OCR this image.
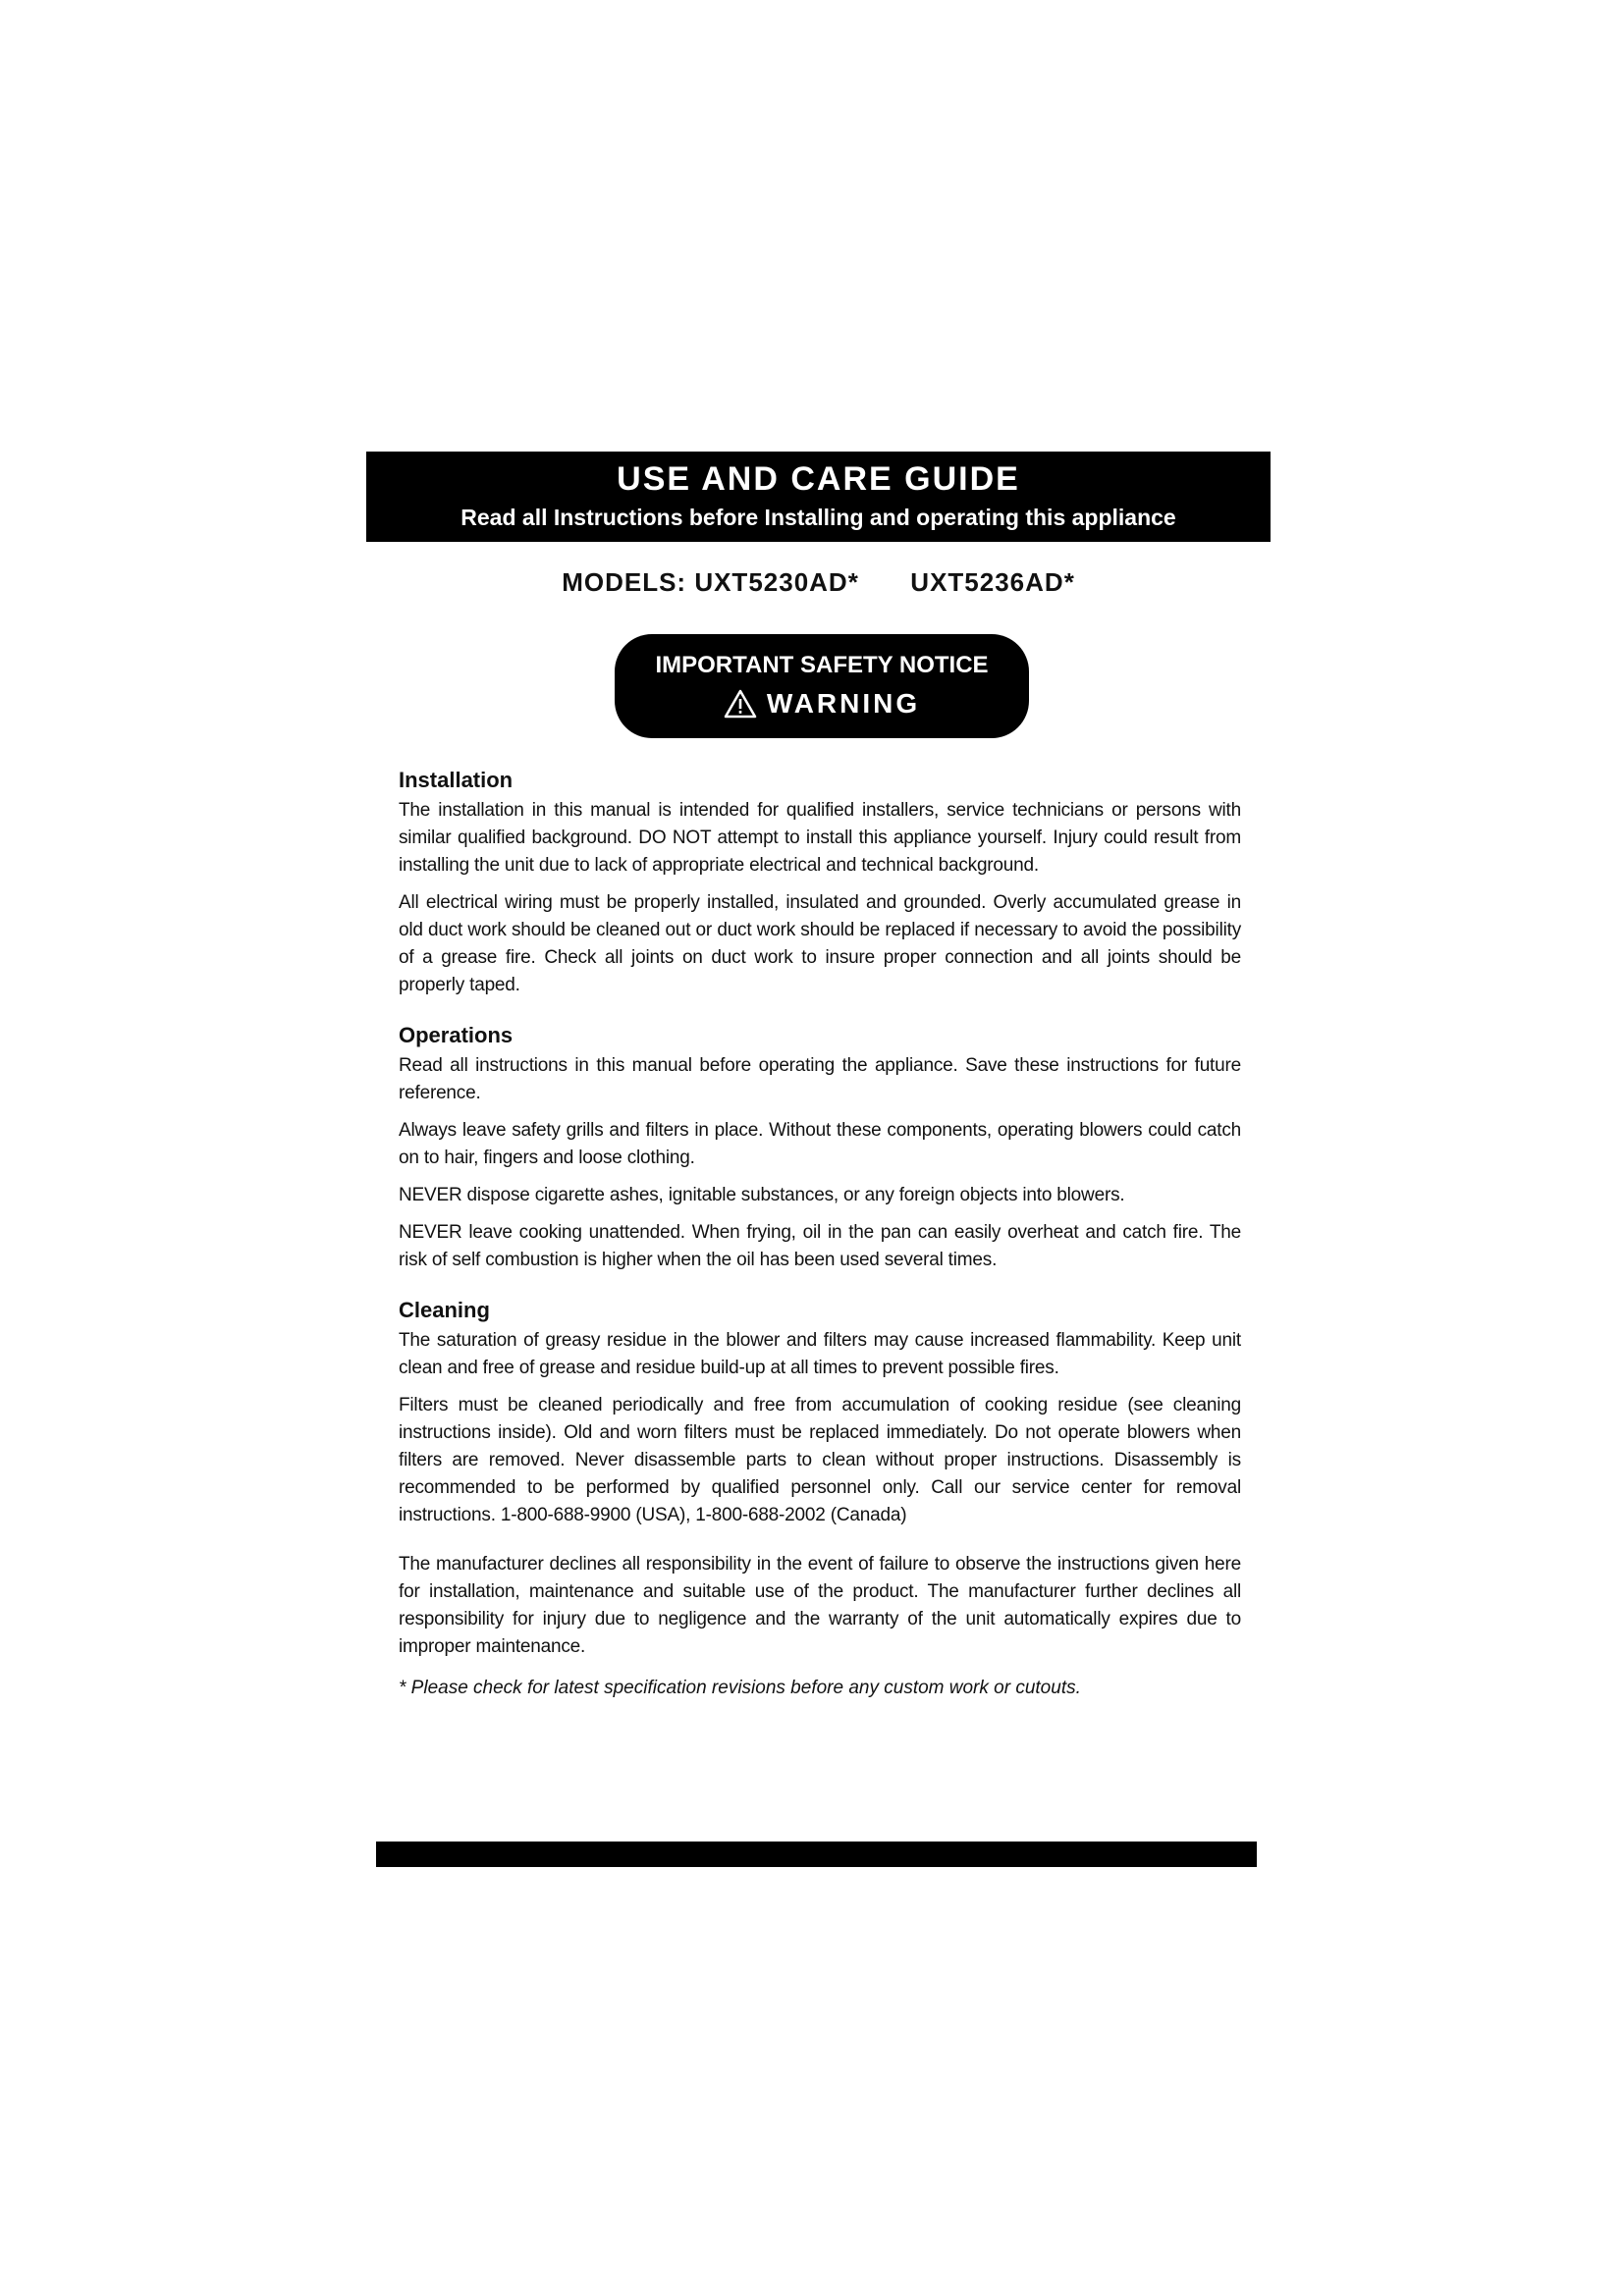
USE AND CARE GUIDE
Read all Instructions before Installing and operating this appliance
MODELS: UXT5230AD* UXT5236AD*
IMPORTANT SAFETY NOTICE
WARNING
Installation

The installation in this manual is intended for qualified installers, service technicians or persons with similar qualified background. DO NOT attempt to install this appliance yourself. Injury could result from installing the unit due to lack of appropriate electrical and technical background.

All electrical wiring must be properly installed, insulated and grounded. Overly accumulated grease in old duct work should be cleaned out or duct work should be replaced if necessary to avoid the possibility of a grease fire. Check all joints on duct work to insure proper connection and all joints should be properly taped.

Operations

Read all instructions in this manual before operating the appliance. Save these instructions for future reference.

Always leave safety grills and filters in place. Without these components, operating blowers could catch on to hair, fingers and loose clothing.

NEVER dispose cigarette ashes, ignitable substances, or any foreign objects into blowers.

NEVER leave cooking unattended. When frying, oil in the pan can easily overheat and catch fire. The risk of self combustion is higher when the oil has been used several times.

Cleaning

The saturation of greasy residue in the blower and filters may cause increased flammability. Keep unit clean and free of grease and residue build-up at all times to prevent possible fires.

Filters must be cleaned periodically and free from accumulation of cooking residue (see cleaning instructions inside). Old and worn filters must be replaced immediately. Do not operate blowers when filters are removed. Never disassemble parts to clean without proper instructions. Disassembly is recommended to be performed by qualified personnel only. Call our service center for removal instructions. 1-800-688-9900 (USA), 1-800-688-2002 (Canada)

The manufacturer declines all responsibility in the event of failure to observe the instructions given here for installation, maintenance and suitable use of the product. The manufacturer further declines all responsibility for injury due to negligence and the warranty of the unit automatically expires due to improper maintenance.

* Please check for latest specification revisions before any custom work or cutouts.
